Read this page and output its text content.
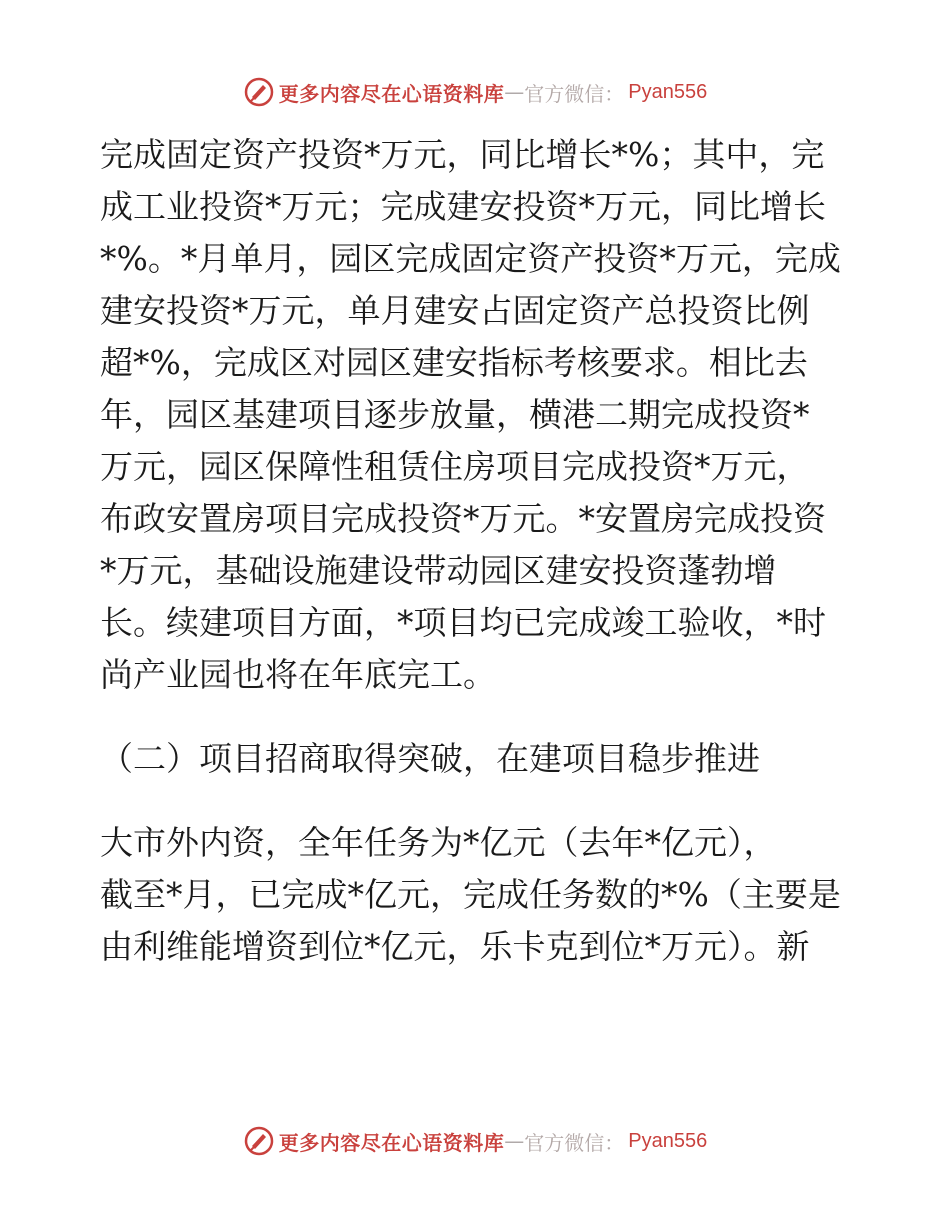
更多内容尽在心语资料库 — 官方微信： Pyan556
完成固定资产投资*万元，同比增长*%；其中，完
成工业投资*万元；完成建安投资*万元，同比增长
*%。*月单月，园区完成固定资产投资*万元，完成
建安投资*万元，单月建安占固定资产总投资比例
超*%，完成区对园区建安指标考核要求。相比去
年，园区基建项目逐步放量，横港二期完成投资*
万元，园区保障性租赁住房项目完成投资*万元，
布政安置房项目完成投资*万元。*安置房完成投资
*万元，基础设施建设带动园区建安投资蓬勃增
长。续建项目方面，*项目均已完成竣工验收，*时
尚产业园也将在年底完工。
（二）项目招商取得突破，在建项目稳步推进
大市外内资，全年任务为*亿元（去年*亿元），
截至*月，已完成*亿元，完成任务数的*%（主要是
由利维能增资到位*亿元，乐卡克到位*万元）。新
更多内容尽在心语资料库 — 官方微信： Pyan556
